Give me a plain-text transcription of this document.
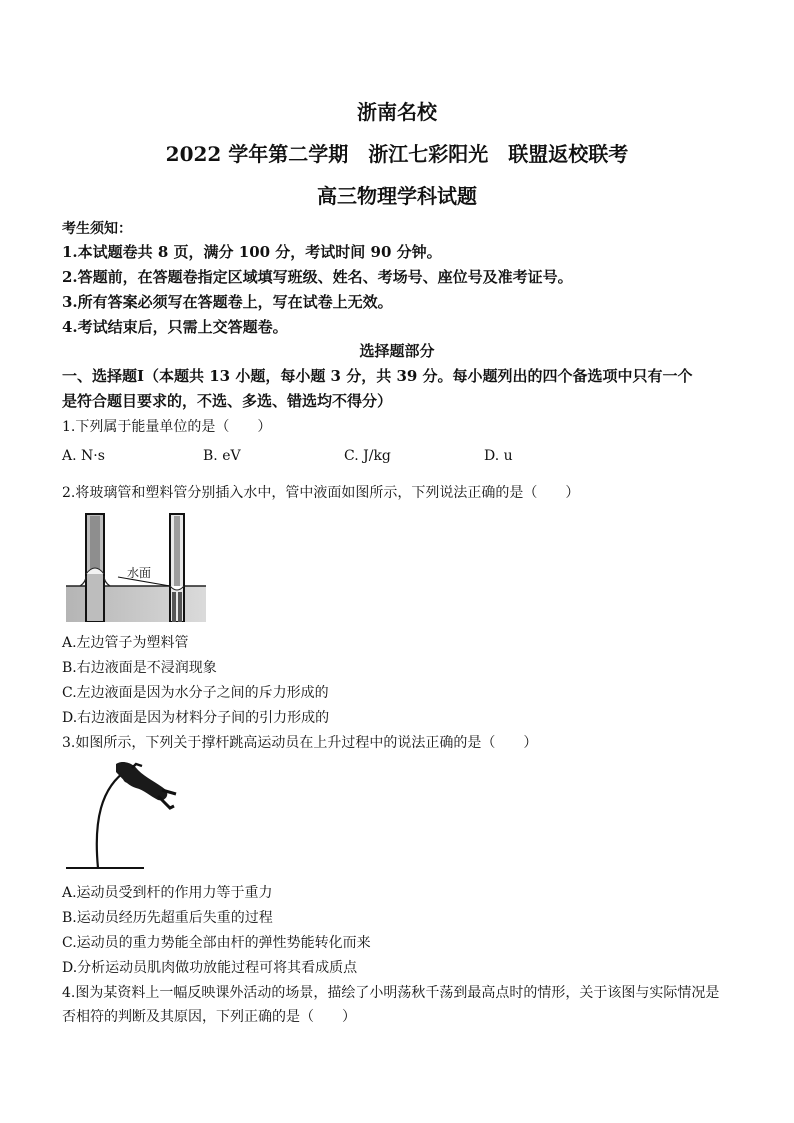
浙南名校
2022 学年第二学期　浙江七彩阳光　联盟返校联考
高三物理学科试题
考生须知：
1.本试题卷共 8 页，满分 100 分，考试时间 90 分钟。
2.答题前，在答题卷指定区域填写班级、姓名、考场号、座位号及准考证号。
3.所有答案必须写在答题卷上，写在试卷上无效。
4.考试结束后，只需上交答题卷。
选择题部分
一、选择题Ⅰ（本题共 13 小题，每小题 3 分，共 39 分。每小题列出的四个备选项中只有一个
是符合题目要求的，不选、多选、错选均不得分）
1.下列属于能量单位的是（　　）
A. N·s	B. eV	C. J/kg	D. u
2.将玻璃管和塑料管分别插入水中，管中液面如图所示，下列说法正确的是（　　）
水面
A.左边管子为塑料管
B.右边液面是不浸润现象
C.左边液面是因为水分子之间的斥力形成的
D.右边液面是因为材料分子间的引力形成的
3.如图所示，下列关于撑杆跳高运动员在上升过程中的说法正确的是（　　）
A.运动员受到杆的作用力等于重力
B.运动员经历先超重后失重的过程
C.运动员的重力势能全部由杆的弹性势能转化而来
D.分析运动员肌肉做功放能过程可将其看成质点
4.图为某资料上一幅反映课外活动的场景，描绘了小明荡秋千荡到最高点时的情形，关于该图与实际情况是
否相符的判断及其原因，下列正确的是（　　）
